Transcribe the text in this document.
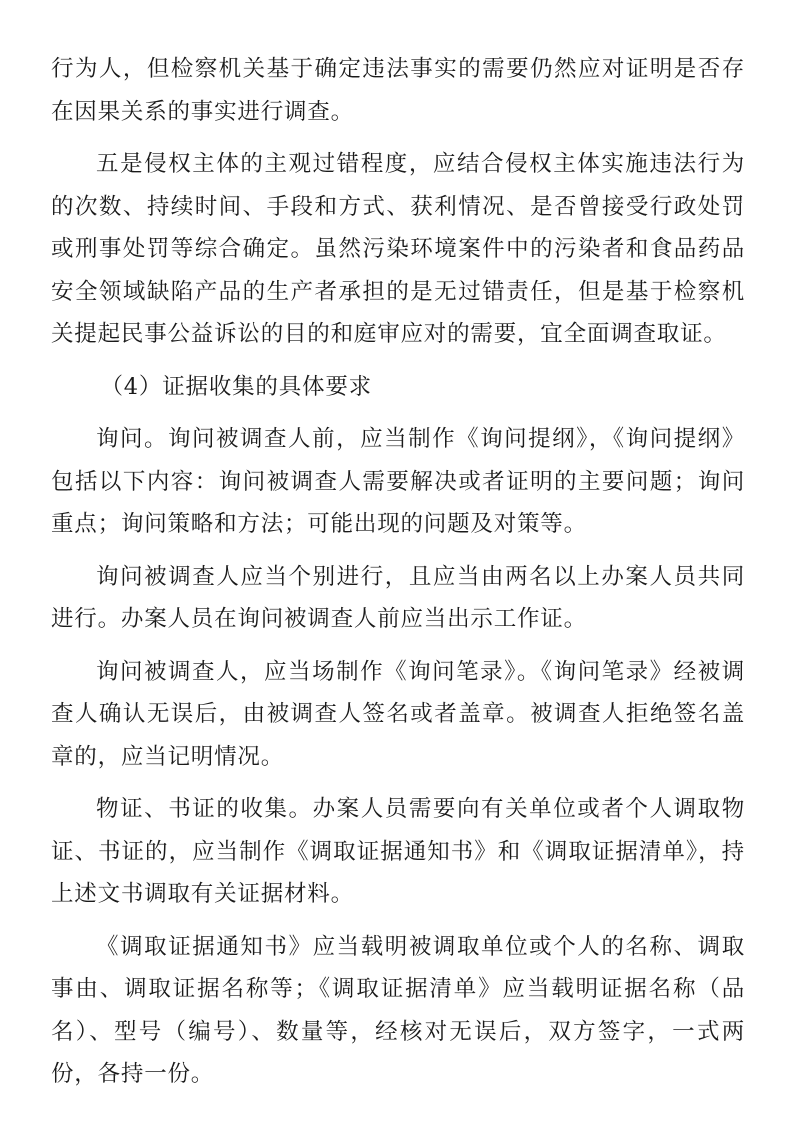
行为人，但检察机关基于确定违法事实的需要仍然应对证明是否存在因果关系的事实进行调查。

五是侵权主体的主观过错程度，应结合侵权主体实施违法行为的次数、持续时间、手段和方式、获利情况、是否曾接受行政处罚或刑事处罚等综合确定。虽然污染环境案件中的污染者和食品药品安全领域缺陷产品的生产者承担的是无过错责任，但是基于检察机关提起民事公益诉讼的目的和庭审应对的需要，宜全面调查取证。

（4）证据收集的具体要求

询问。询问被调查人前，应当制作《询问提纲》，《询问提纲》包括以下内容：询问被调查人需要解决或者证明的主要问题；询问重点；询问策略和方法；可能出现的问题及对策等。

询问被调查人应当个别进行，且应当由两名以上办案人员共同进行。办案人员在询问被调查人前应当出示工作证。

询问被调查人，应当场制作《询问笔录》。《询问笔录》经被调查人确认无误后，由被调查人签名或者盖章。被调查人拒绝签名盖章的，应当记明情况。

物证、书证的收集。办案人员需要向有关单位或者个人调取物证、书证的，应当制作《调取证据通知书》和《调取证据清单》，持上述文书调取有关证据材料。

《调取证据通知书》应当载明被调取单位或个人的名称、调取事由、调取证据名称等；《调取证据清单》应当载明证据名称（品名）、型号（编号）、数量等，经核对无误后，双方签字，一式两份，各持一份。
